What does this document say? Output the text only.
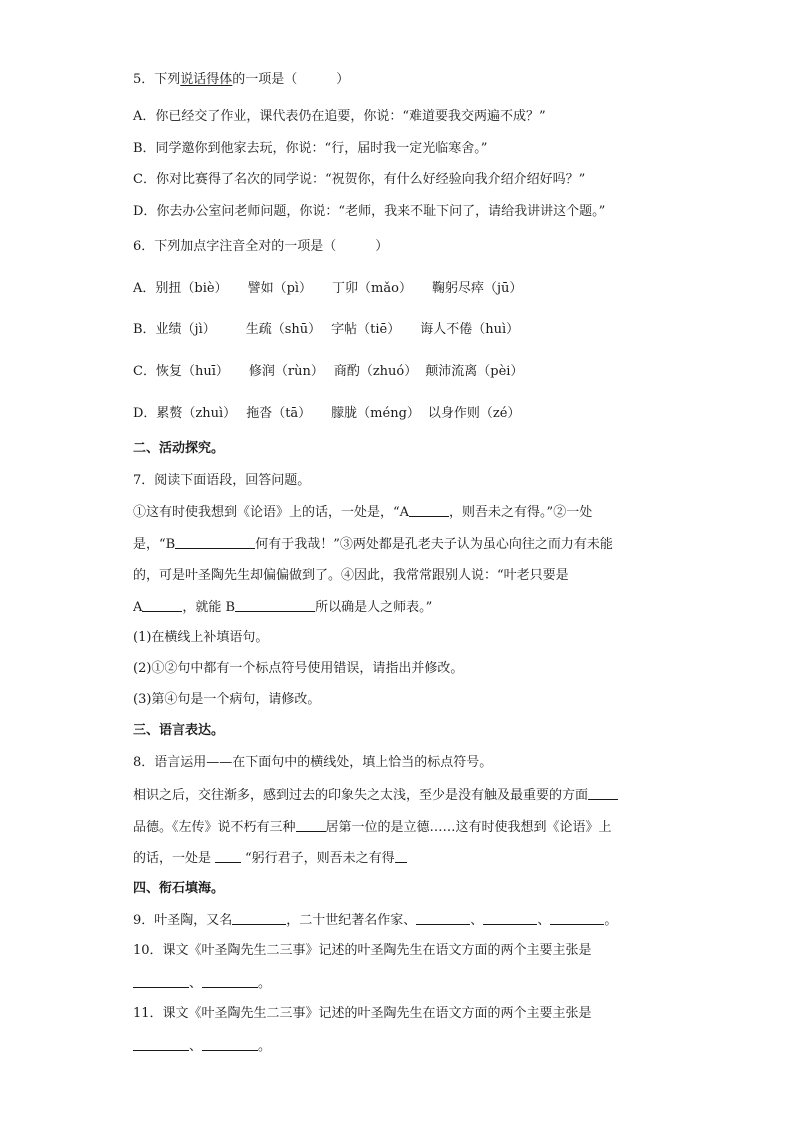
5．下列说话得体的一项是（　　　）
A．你已经交了作业，课代表仍在追要，你说：“难道要我交两遍不成？”
B．同学邀你到他家去玩，你说：“行，届时我一定光临寒舍。”
C．你对比赛得了名次的同学说：“祝贺你，有什么好经验向我介绍介绍好吗？”
D．你去办公室问老师问题，你说：“老师，我来不耻下问了，请给我讲讲这个题。”
6．下列加点字注音全对的一项是（　　　）
A．别扭（biè） 譬如（pì） 丁卯（mǎo） 鞠躬尽瘁（jū）
B．业绩（jì） 生疏（shū） 字帖（tiē） 诲人不倦（huì）
C．恢复（huī） 修润（rùn） 商酌（zhuó） 颠沛流离（pèi）
D．累赘（zhuì） 拖沓（tā） 朦胧（méng） 以身作则（zé）
二、活动探究。
7．阅读下面语段，回答问题。
①这有时使我想到《论语》上的话，一处是，“A	，则吾未之有得。”②一处
是，“B	何有于我哉！”③两处都是孔老夫子认为虽心向往之而力有未能
的，可是叶圣陶先生却偏偏做到了。④因此，我常常跟别人说：“叶老只要是
A	，就能 B	所以确是人之师表。”
(1)在横线上补填语句。
(2)①②句中都有一个标点符号使用错误，请指出并修改。
(3)第④句是一个病句，请修改。
三、语言表达。
8．语言运用——在下面句中的横线处，填上恰当的标点符号。
相识之后，交往渐多，感到过去的印象失之太浅，至少是没有触及最重要的方面
品德。《左传》说不朽有三种 居第一位的是立德……这有时使我想到《论语》上
的话，一处是	“躬行君子，则吾未之有得
四、衔石填海。
9．叶圣陶，又名	，二十世纪著名作家、	、	、	。
10．课文《叶圣陶先生二三事》记述的叶圣陶先生在语文方面的两个主要主张是
、	。
11．课文《叶圣陶先生二三事》记述的叶圣陶先生在语文方面的两个主要主张是
、	。
